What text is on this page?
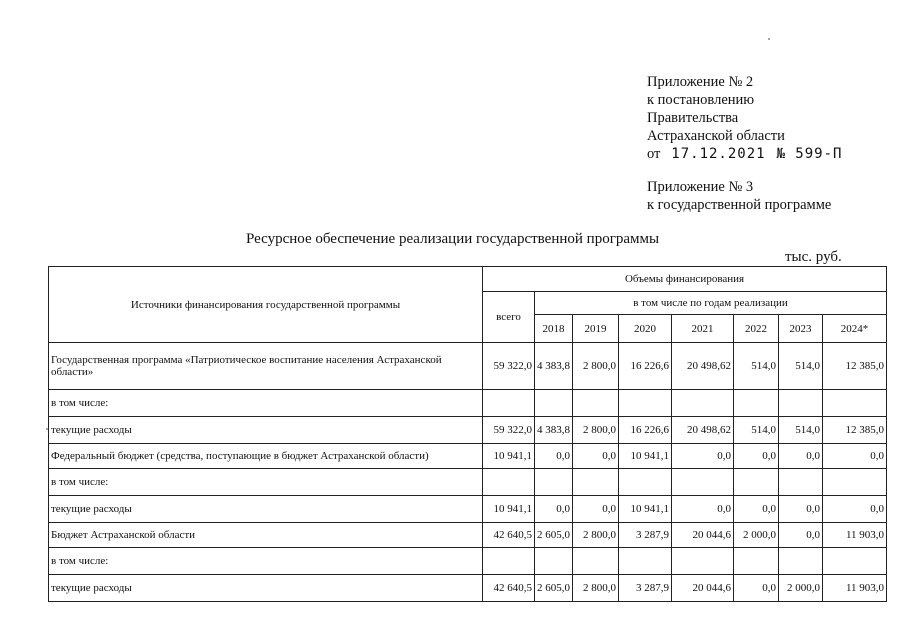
Приложение № 2
к постановлению
Правительства
Астраханской области
от 17.12.2021 № 599-П
Приложение № 3
к государственной программе
Ресурсное обеспечение реализации государственной программы
тыс. руб.
Источники финансирования государственной программы	Объемы финансирования							
	всего	в том числе по годам реализации						
		2018	2019	2020	2021	2022	2023	2024*
Государственная программа «Патриотическое воспитание населения Астраханской области»	59 322,0	4 383,8	2 800,0	16 226,6	20 498,62	514,0	514,0	12 385,0
в том числе:								
текущие расходы	59 322,0	4 383,8	2 800,0	16 226,6	20 498,62	514,0	514,0	12 385,0
Федеральный бюджет (средства, поступающие в бюджет Астраханской области)	10 941,1	0,0	0,0	10 941,1	0,0	0,0	0,0	0,0
в том числе:								
текущие расходы	10 941,1	0,0	0,0	10 941,1	0,0	0,0	0,0	0,0
Бюджет Астраханской области	42 640,5	2 605,0	2 800,0	3 287,9	20 044,6	2 000,0	0,0	11 903,0
в том числе:								
текущие расходы	42 640,5	2 605,0	2 800,0	3 287,9	20 044,6	0,0	2 000,0	11 903,0
